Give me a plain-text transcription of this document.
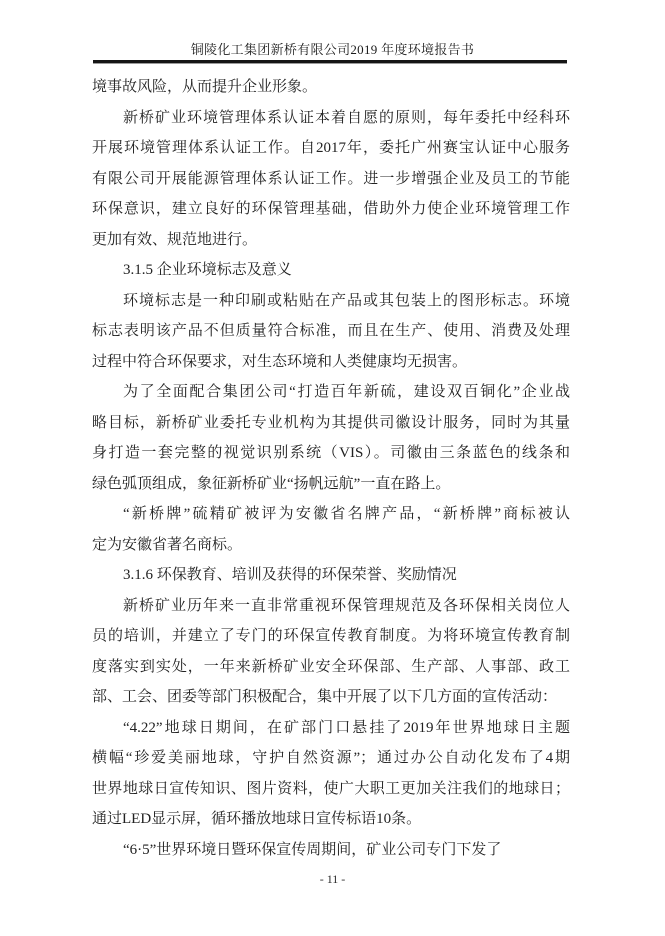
铜陵化工集团新桥有限公司2019 年度环境报告书
境事故风险，从而提升企业形象。
新桥矿业环境管理体系认证本着自愿的原则，每年委托中经科环
开展环境管理体系认证工作。自2017年，委托广州赛宝认证中心服务
有限公司开展能源管理体系认证工作。进一步增强企业及员工的节能
环保意识，建立良好的环保管理基础，借助外力使企业环境管理工作
更加有效、规范地进行。
3.1.5 企业环境标志及意义
环境标志是一种印刷或粘贴在产品或其包装上的图形标志。环境
标志表明该产品不但质量符合标准，而且在生产、使用、消费及处理
过程中符合环保要求，对生态环境和人类健康均无损害。
为了全面配合集团公司“打造百年新硫，建设双百铜化”企业战
略目标，新桥矿业委托专业机构为其提供司徽设计服务，同时为其量
身打造一套完整的视觉识别系统（VIS）。司徽由三条蓝色的线条和
绿色弧顶组成，象征新桥矿业“扬帆远航”一直在路上。
“新桥牌”硫精矿被评为安徽省名牌产品，“新桥牌”商标被认
定为安徽省著名商标。
3.1.6 环保教育、培训及获得的环保荣誉、奖励情况
新桥矿业历年来一直非常重视环保管理规范及各环保相关岗位人
员的培训，并建立了专门的环保宣传教育制度。为将环境宣传教育制
度落实到实处，一年来新桥矿业安全环保部、生产部、人事部、政工
部、工会、团委等部门积极配合，集中开展了以下几方面的宣传活动：
“4.22”地球日期间，在矿部门口悬挂了2019年世界地球日主题
横幅“珍爱美丽地球，守护自然资源”；通过办公自动化发布了4期
世界地球日宣传知识、图片资料，使广大职工更加关注我们的地球日；
通过LED显示屏，循环播放地球日宣传标语10条。
“6·5”世界环境日暨环保宣传周期间，矿业公司专门下发了
- 11 -
